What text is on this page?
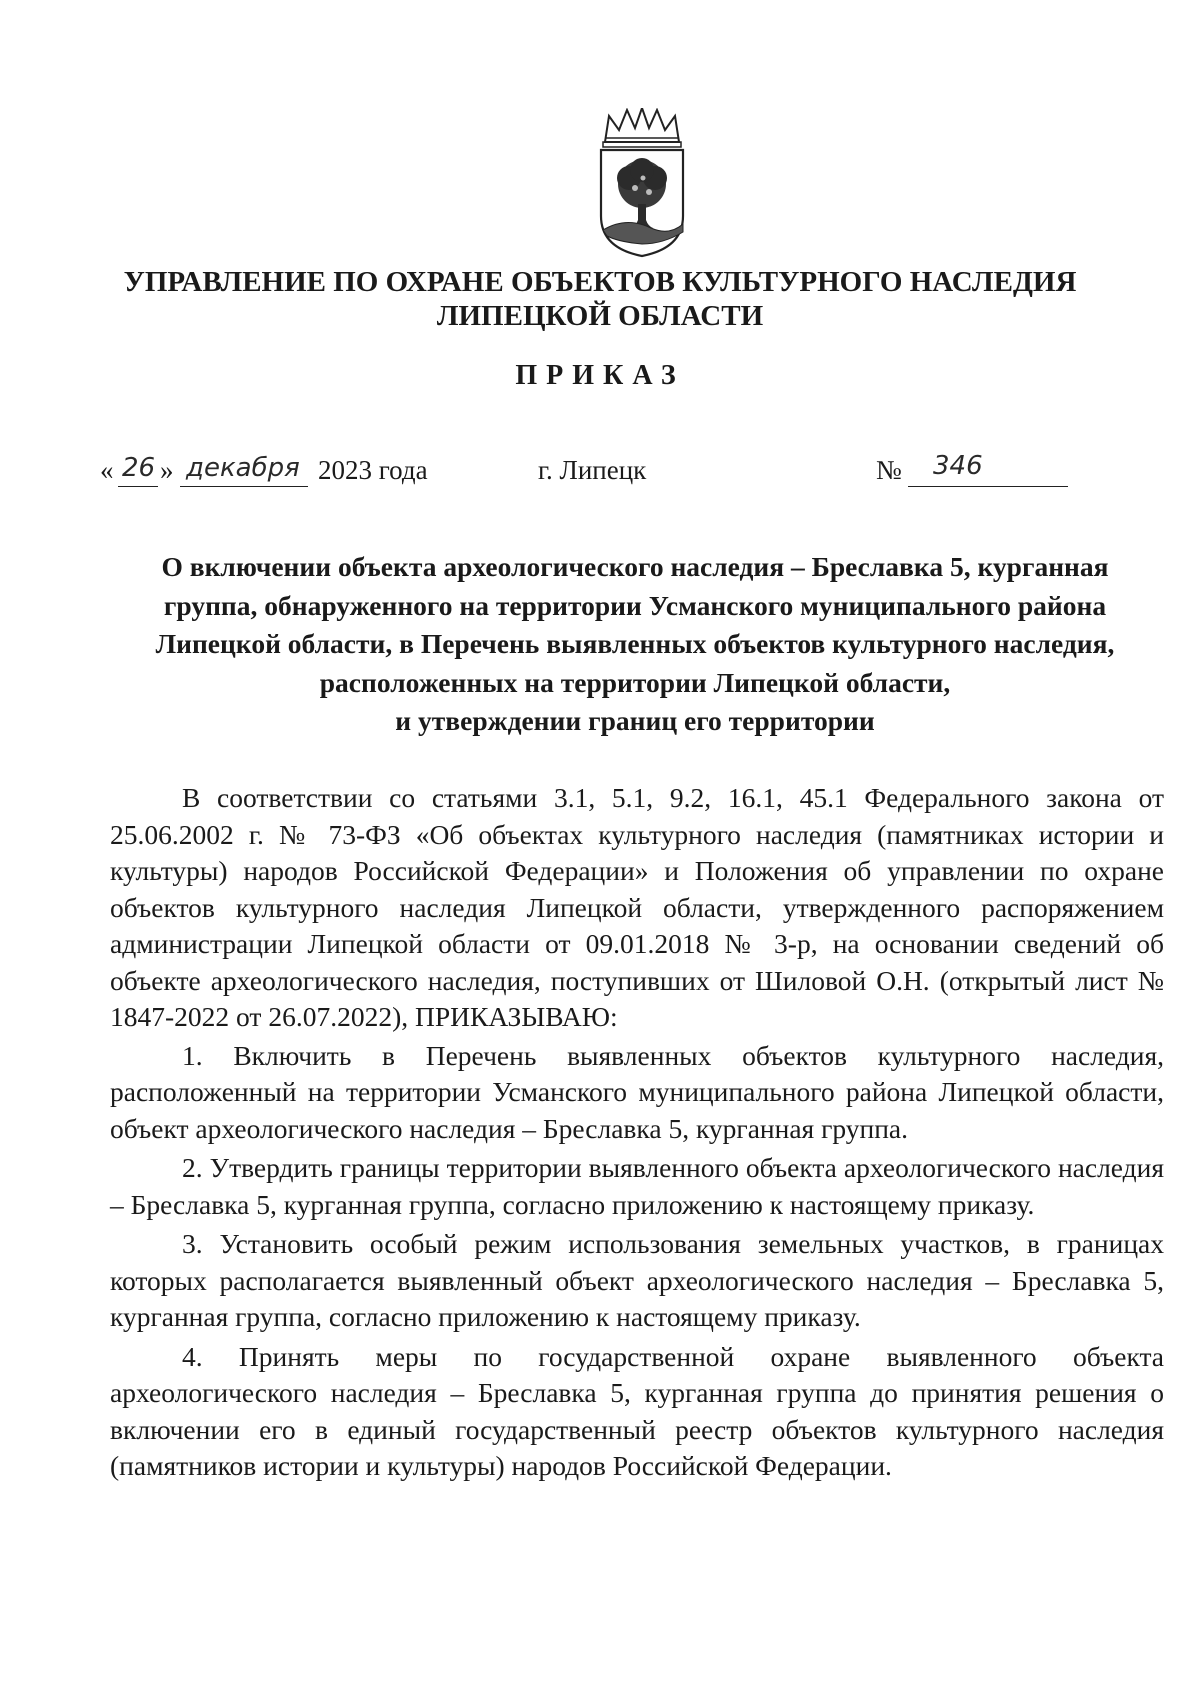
УПРАВЛЕНИЕ ПО ОХРАНЕ ОБЪЕКТОВ КУЛЬТУРНОГО НАСЛЕДИЯ
ЛИПЕЦКОЙ ОБЛАСТИ
ПРИКАЗ
« 26 » декабря 2023 года	г. Липецк	№ 346
О включении объекта археологического наследия – Бреславка 5, курганная
группа, обнаруженного на территории Усманского муниципального района
Липецкой области, в Перечень выявленных объектов культурного наследия,
расположенных на территории Липецкой области,
и утверждении границ его территории

В соответствии со статьями 3.1, 5.1, 9.2, 16.1, 45.1 Федерального закона от 25.06.2002 г. № 73-ФЗ «Об объектах культурного наследия (памятниках истории и культуры) народов Российской Федерации» и Положения об управлении по охране объектов культурного наследия Липецкой области, утвержденного распоряжением администрации Липецкой области от 09.01.2018 № 3-р, на основании сведений об объекте археологического наследия, поступивших от Шиловой О.Н. (открытый лист № 1847-2022 от 26.07.2022), ПРИКАЗЫВАЮ:

1. Включить в Перечень выявленных объектов культурного наследия, расположенный на территории Усманского муниципального района Липецкой области, объект археологического наследия – Бреславка 5, курганная группа.

2. Утвердить границы территории выявленного объекта археологического наследия – Бреславка 5, курганная группа, согласно приложению к настоящему приказу.

3. Установить особый режим использования земельных участков, в границах которых располагается выявленный объект археологического наследия – Бреславка 5, курганная группа, согласно приложению к настоящему приказу.

4. Принять меры по государственной охране выявленного объекта археологического наследия – Бреславка 5, курганная группа до принятия решения о включении его в единый государственный реестр объектов культурного наследия (памятников истории и культуры) народов Российской Федерации.
